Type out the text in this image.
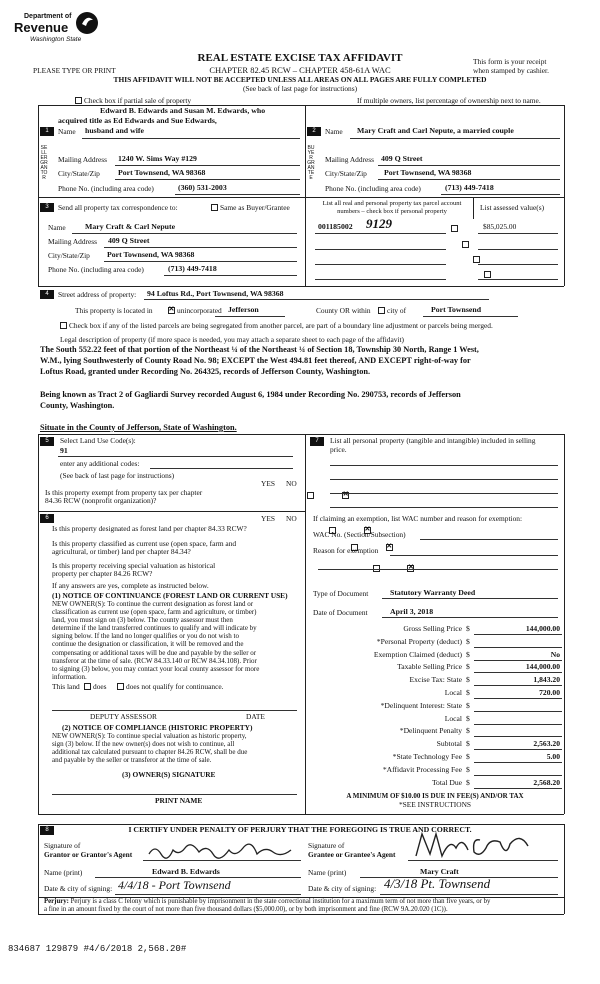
Department of
Revenue
Washington State
REAL ESTATE EXCISE TAX AFFIDAVIT
PLEASE TYPE OR PRINT	CHAPTER 82.45 RCW – CHAPTER 458-61A WAC
THIS AFFIDAVIT WILL NOT BE ACCEPTED UNLESS ALL AREAS ON ALL PAGES ARE FULLY COMPLETED
(See back of last page for instructions)
This form is your receipt
when stamped by cashier.
Check box if partial sale of property	If multiple owners, list percentage of ownership next to name.
1
SELLER GRANTOR
Edward B. Edwards and Susan M. Edwards, who
acquired title as Ed Edwards and Sue Edwards,
Name husband and wife
Mailing Address 1240 W. Sims Way #129
City/State/Zip Port Townsend, WA 98368
Phone No. (including area code)	(360) 531-2003
2
BUYER GRANTEE
Name Mary Craft and Carl Nepute, a married couple
Mailing Address 409 Q Street
City/State/Zip Port Townsend, WA 98368
Phone No. (including area code)	(713) 449-7418
3	Send all property tax correspondence to:	Same as Buyer/Grantee
Name Mary Craft & Carl Nepute
Mailing Address 409 Q Street
City/State/Zip Port Townsend, WA 98368
Phone No. (including area code)	(713) 449-7418
List all real and personal property tax parcel account
numbers – check box if personal property	List assessed value(s)
001185002 9129	$85,025.00

4	Street address of property: 94 Loftus Rd., Port Townsend, WA 98368
This property is located in
✕	unincorporated Jefferson	County OR within	city of	Port Townsend
Check box if any of the listed parcels are being segregated from another parcel, are part of a boundary line adjustment or parcels being merged.
Legal description of property (if more space is needed, you may attach a separate sheet to each page of the affidavit)
The South 552.22 feet of that portion of the Northeast ¼ of the Northeast ¼ of Section 18, Township 30 North, Range 1 West,
W.M., lying Southwesterly of County Road No. 98; EXCEPT the West 494.81 feet thereof, AND EXCEPT right-of-way for
Loftus Road, granted under Recording No. 264325, records of Jefferson County, Washington.
Being known as Tract 2 of Gagliardi Survey recorded August 6, 1984 under Recording No. 290753, records of Jefferson
County, Washington.
Situate in the County of Jefferson, State of Washington.
5	Select Land Use Code(s):
91
enter any additional codes:
(See back of last page for instructions)
YES NO
Is this property exempt from property tax per chapter
84.36 RCW (nonprofit organization)?
✕
6	YES NO
Is this property designated as forest land per chapter 84.33 RCW?
✕
Is this property classified as current use (open space, farm and
agricultural, or timber) land per chapter 84.34?
✕
Is this property receiving special valuation as historical
property per chapter 84.26 RCW?
✕
If any answers are yes, complete as instructed below.
(1) NOTICE OF CONTINUANCE (FOREST LAND OR CURRENT USE)
NEW OWNER(S): To continue the current designation as forest land or
classification as current use (open space, farm and agriculture, or timber)
land, you must sign on (3) below. The county assessor must then
determine if the land transferred continues to qualify and will indicate by
signing below. If the land no longer qualifies or you do not wish to
continue the designation or classification, it will be removed and the
compensating or additional taxes will be due and payable by the seller or
transferor at the time of sale. (RCW 84.33.140 or RCW 84.34.108). Prior
to signing (3) below, you may contact your local county assessor for more
information.
This land	does	does not qualify for continuance.
DEPUTY ASSESSOR	DATE
(2) NOTICE OF COMPLIANCE (HISTORIC PROPERTY)
NEW OWNER(S): To continue special valuation as historic property,
sign (3) below. If the new owner(s) does not wish to continue, all
additional tax calculated pursuant to chapter 84.26 RCW, shall be due
and payable by the seller or transferor at the time of sale.
(3) OWNER(S) SIGNATURE
PRINT NAME
7	List all personal property (tangible and intangible) included in selling
price.
If claiming an exemption, list WAC number and reason for exemption:
WAC No. (Section/Subsection)
Reason for exemption
Type of Document	Statutory Warranty Deed
Date of Document	April 3, 2018
Gross Selling Price $	144,000.00
*Personal Property (deduct) $
Exemption Claimed (deduct) $	No
Taxable Selling Price $	144,000.00
Excise Tax: State $	1,843.20
Local $	720.00
*Delinquent Interest: State $
Local $
*Delinquent Penalty $
Subtotal $	2,563.20
*State Technology Fee $	5.00
*Affidavit Processing Fee $
Total Due $	2,568.20
A MINIMUM OF $10.00 IS DUE IN FEE(S) AND/OR TAX
*SEE INSTRUCTIONS
8	I CERTIFY UNDER PENALTY OF PERJURY THAT THE FOREGOING IS TRUE AND CORRECT.
Signature of
Grantor or Grantor's Agent
Signature of
Grantee or Grantee's Agent
Name (print)	Edward B. Edwards	Name (print)	Mary Craft
Date & city of signing: 4/4/18 - Port Townsend	Date & city of signing: 4/3/18 Pt. Townsend
Perjury: Perjury is a class C felony which is punishable by imprisonment in the state correctional institution for a maximum term of not more than five years, or by
a fine in an amount fixed by the court of not more than five thousand dollars ($5,000.00), or by both imprisonment and fine (RCW 9A.20.020 (1C)).
834687 129879 #4/6/2018 2,568.20#
